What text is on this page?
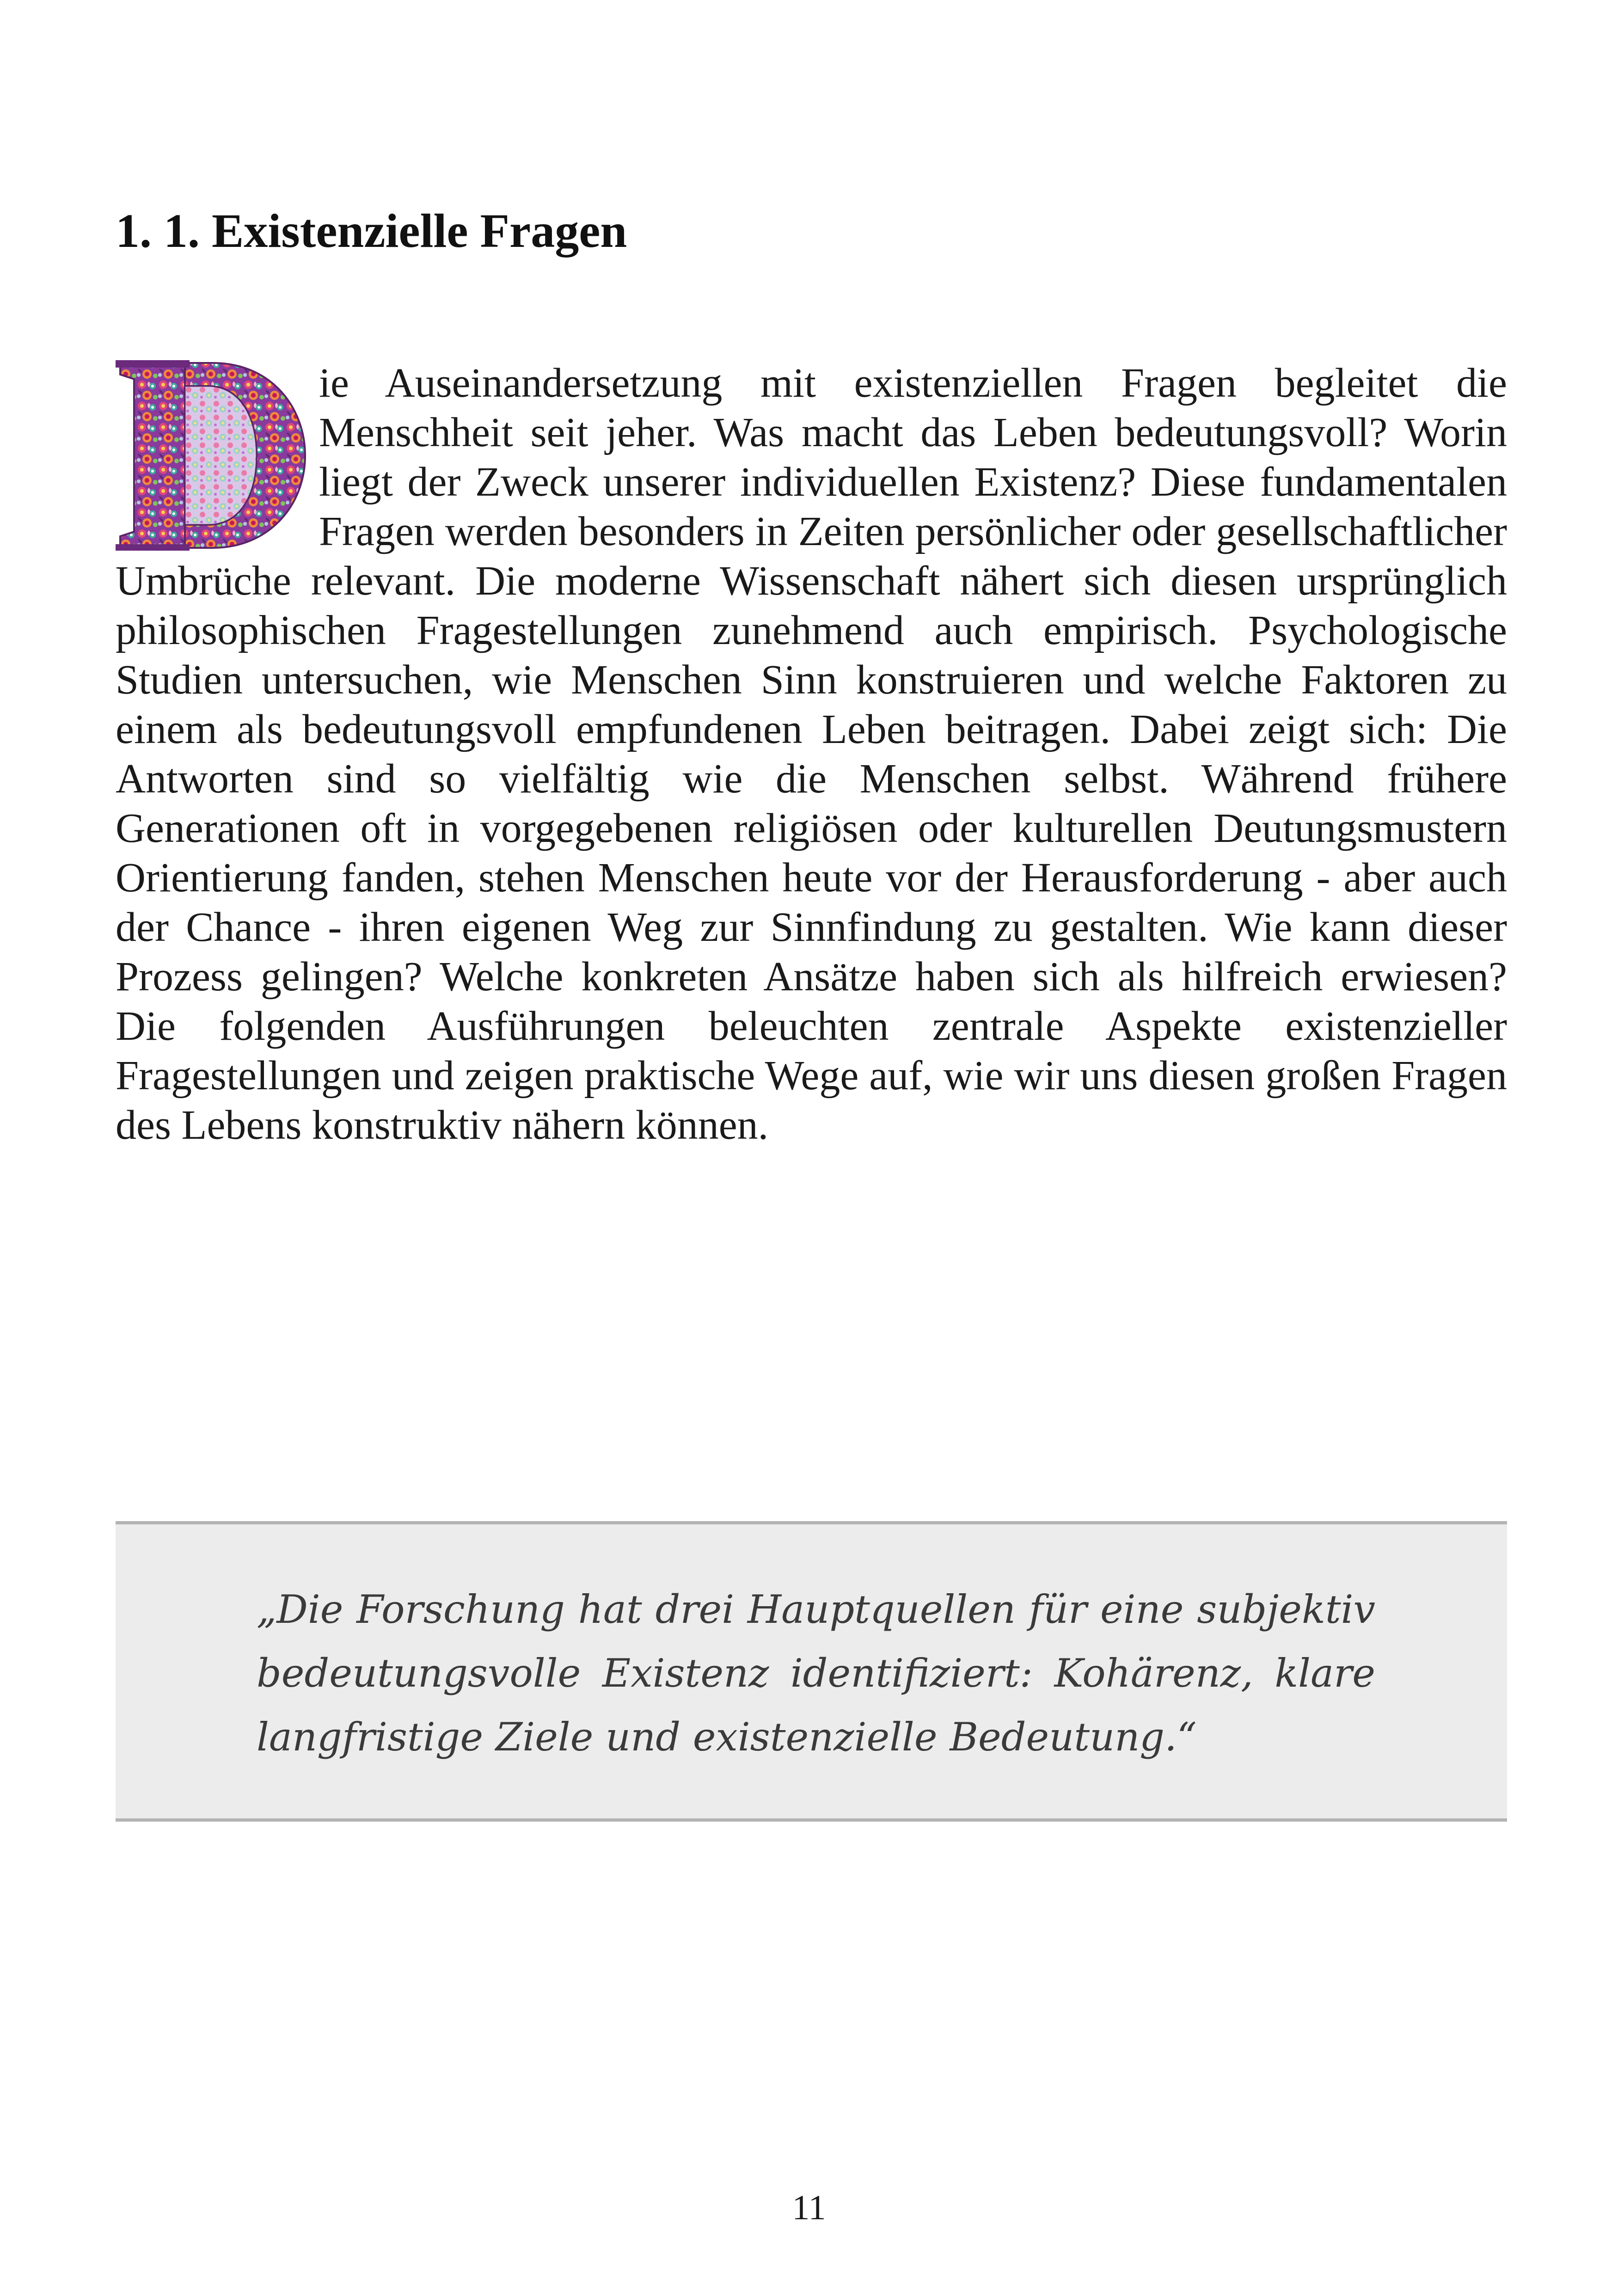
1. 1. Existenzielle Fragen

ie Auseinandersetzung mit existenziellen Fragen begleitet die Menschheit seit jeher. Was macht das Leben bedeutungsvoll? Worin liegt der Zweck unserer individuellen Existenz? Diese fundamentalen Fragen werden besonders in Zeiten persönlicher oder gesellschaftlicher Umbrüche relevant. Die moderne Wissenschaft nähert sich diesen ursprünglich philosophischen Fragestellungen zunehmend auch empirisch. Psychologische Studien untersuchen, wie Menschen Sinn konstruieren und welche Faktoren zu einem als bedeutungsvoll empfundenen Leben beitragen. Dabei zeigt sich: Die Antworten sind so vielfältig wie die Menschen selbst. Während frühere Generationen oft in vorgegebenen religiösen oder kulturellen Deutungsmustern Orientierung fanden, stehen Menschen heute vor der Herausforderung - aber auch der Chance - ihren eigenen Weg zur Sinnfindung zu gestalten. Wie kann dieser Prozess gelingen? Welche konkreten Ansätze haben sich als hilfreich erwiesen? Die folgenden Ausführungen beleuchten zentrale Aspekte existenzieller Fragestellungen und zeigen praktische Wege auf, wie wir uns diesen großen Fragen des Lebens konstruktiv nähern können.

„Die Forschung hat drei Hauptquellen für eine subjektiv bedeutungsvolle Existenz identifiziert: Kohärenz, klare langfristige Ziele und existenzielle Bedeutung.“

11
